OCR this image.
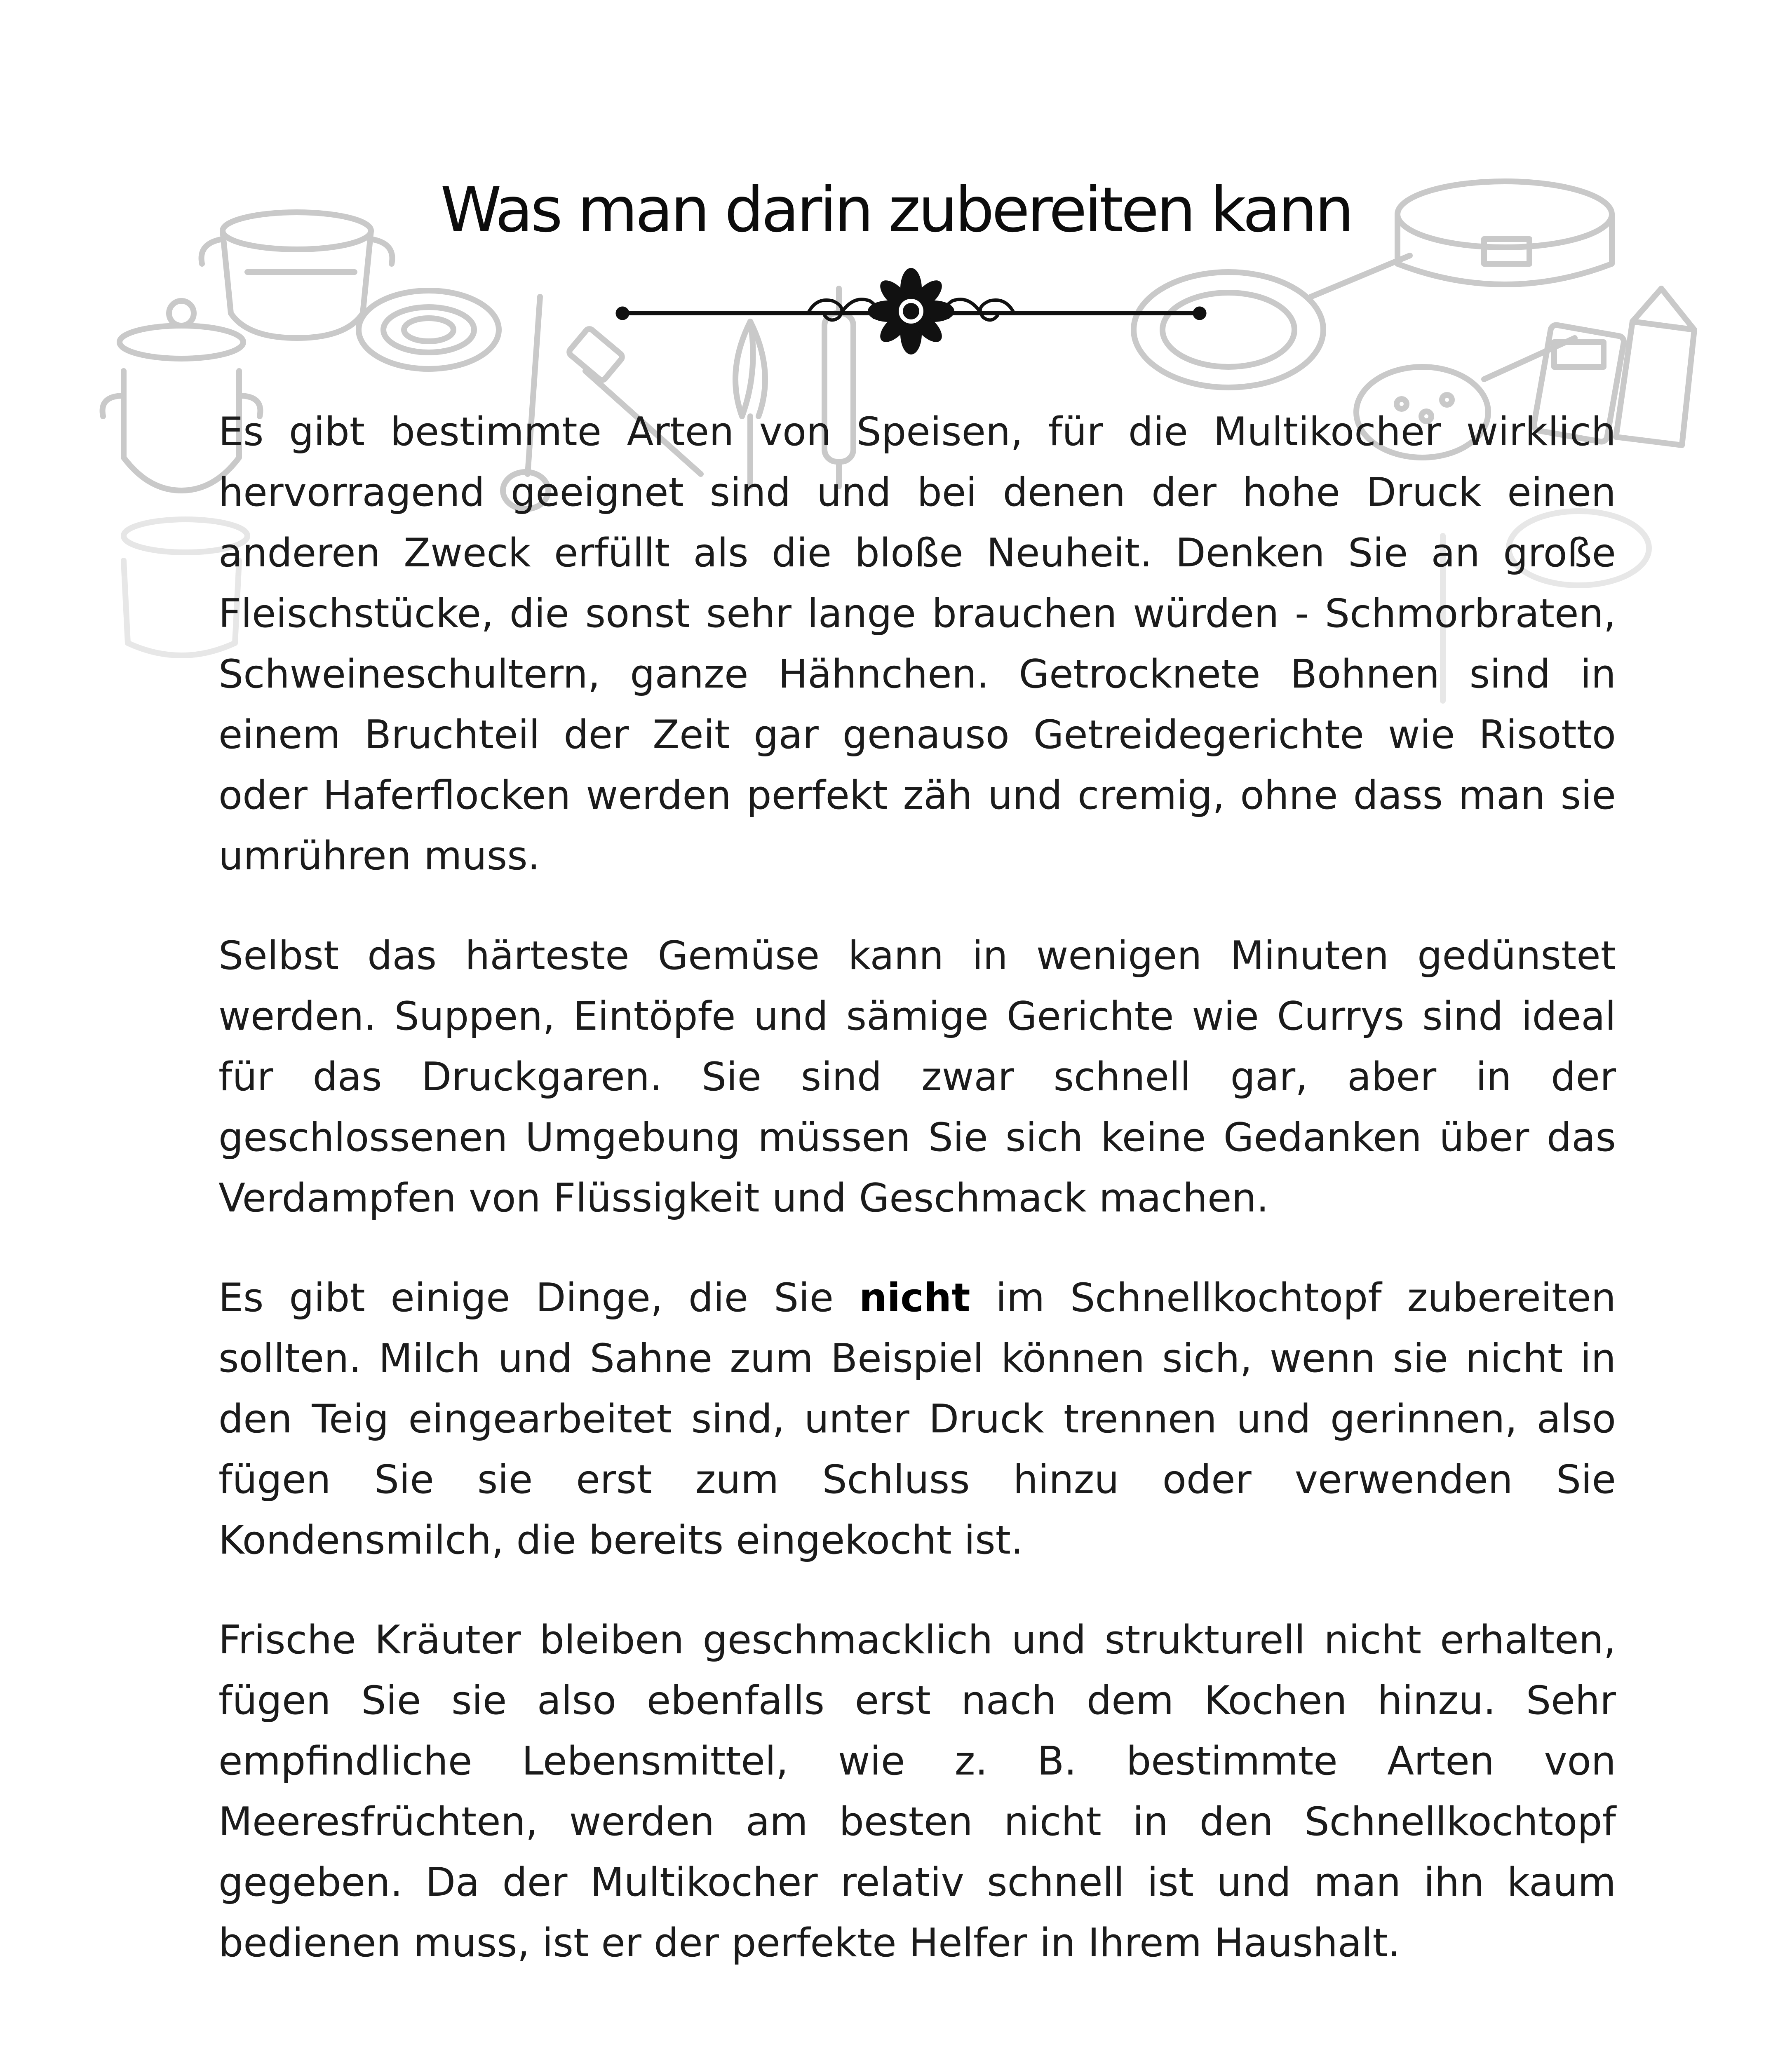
Was man darin zubereiten kann

Es gibt bestimmte Arten von Speisen, für die Multikocher wirklich hervorragend geeignet sind und bei denen der hohe Druck einen anderen Zweck erfüllt als die bloße Neuheit. Denken Sie an große Fleischstücke, die sonst sehr lange brauchen würden - Schmorbraten, Schweineschultern, ganze Hähnchen. Getrocknete Bohnen sind in einem Bruchteil der Zeit gar genauso Getreidegerichte wie Risotto oder Haferflocken werden perfekt zäh und cremig, ohne dass man sie umrühren muss.

Selbst das härteste Gemüse kann in wenigen Minuten gedünstet werden. Suppen, Eintöpfe und sämige Gerichte wie Currys sind ideal für das Druckgaren. Sie sind zwar schnell gar, aber in der geschlossenen Umgebung müssen Sie sich keine Gedanken über das Verdampfen von Flüssigkeit und Geschmack machen.

Es gibt einige Dinge, die Sie nicht im Schnellkochtopf zubereiten sollten. Milch und Sahne zum Beispiel können sich, wenn sie nicht in den Teig eingearbeitet sind, unter Druck trennen und gerinnen, also fügen Sie sie erst zum Schluss hinzu oder verwenden Sie Kondensmilch, die bereits eingekocht ist.

Frische Kräuter bleiben geschmacklich und strukturell nicht erhalten, fügen Sie sie also ebenfalls erst nach dem Kochen hinzu. Sehr empfindliche Lebensmittel, wie z. B. bestimmte Arten von Meeresfrüchten, werden am besten nicht in den Schnellkochtopf gegeben. Da der Multikocher relativ schnell ist und man ihn kaum bedienen muss, ist er der perfekte Helfer in Ihrem Haushalt.
